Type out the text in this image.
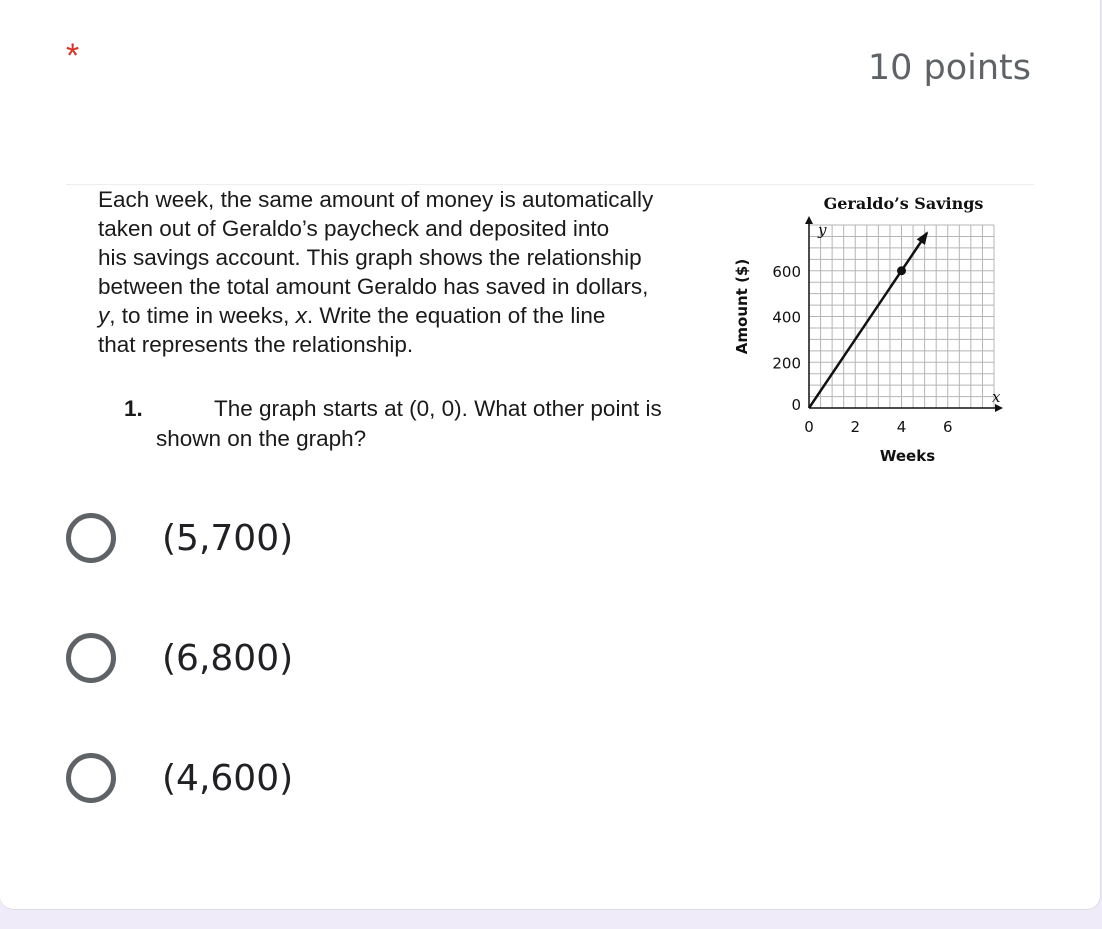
*	10 points

Each week, the same amount of money is automatically
taken out of Geraldo’s paycheck and deposited into
his savings account. This graph shows the relationship
between the total amount Geraldo has saved in dollars,
y, to time in weeks, x. Write the equation of the line
that represents the relationship.

1.	The graph starts at (0, 0). What other point is
shown on the graph?
Geraldo’s Savings
x
y
0 2 4 6
0
200
400
600
Weeks
Amount ($)
(5,700)
(6,800)
(4,600)
